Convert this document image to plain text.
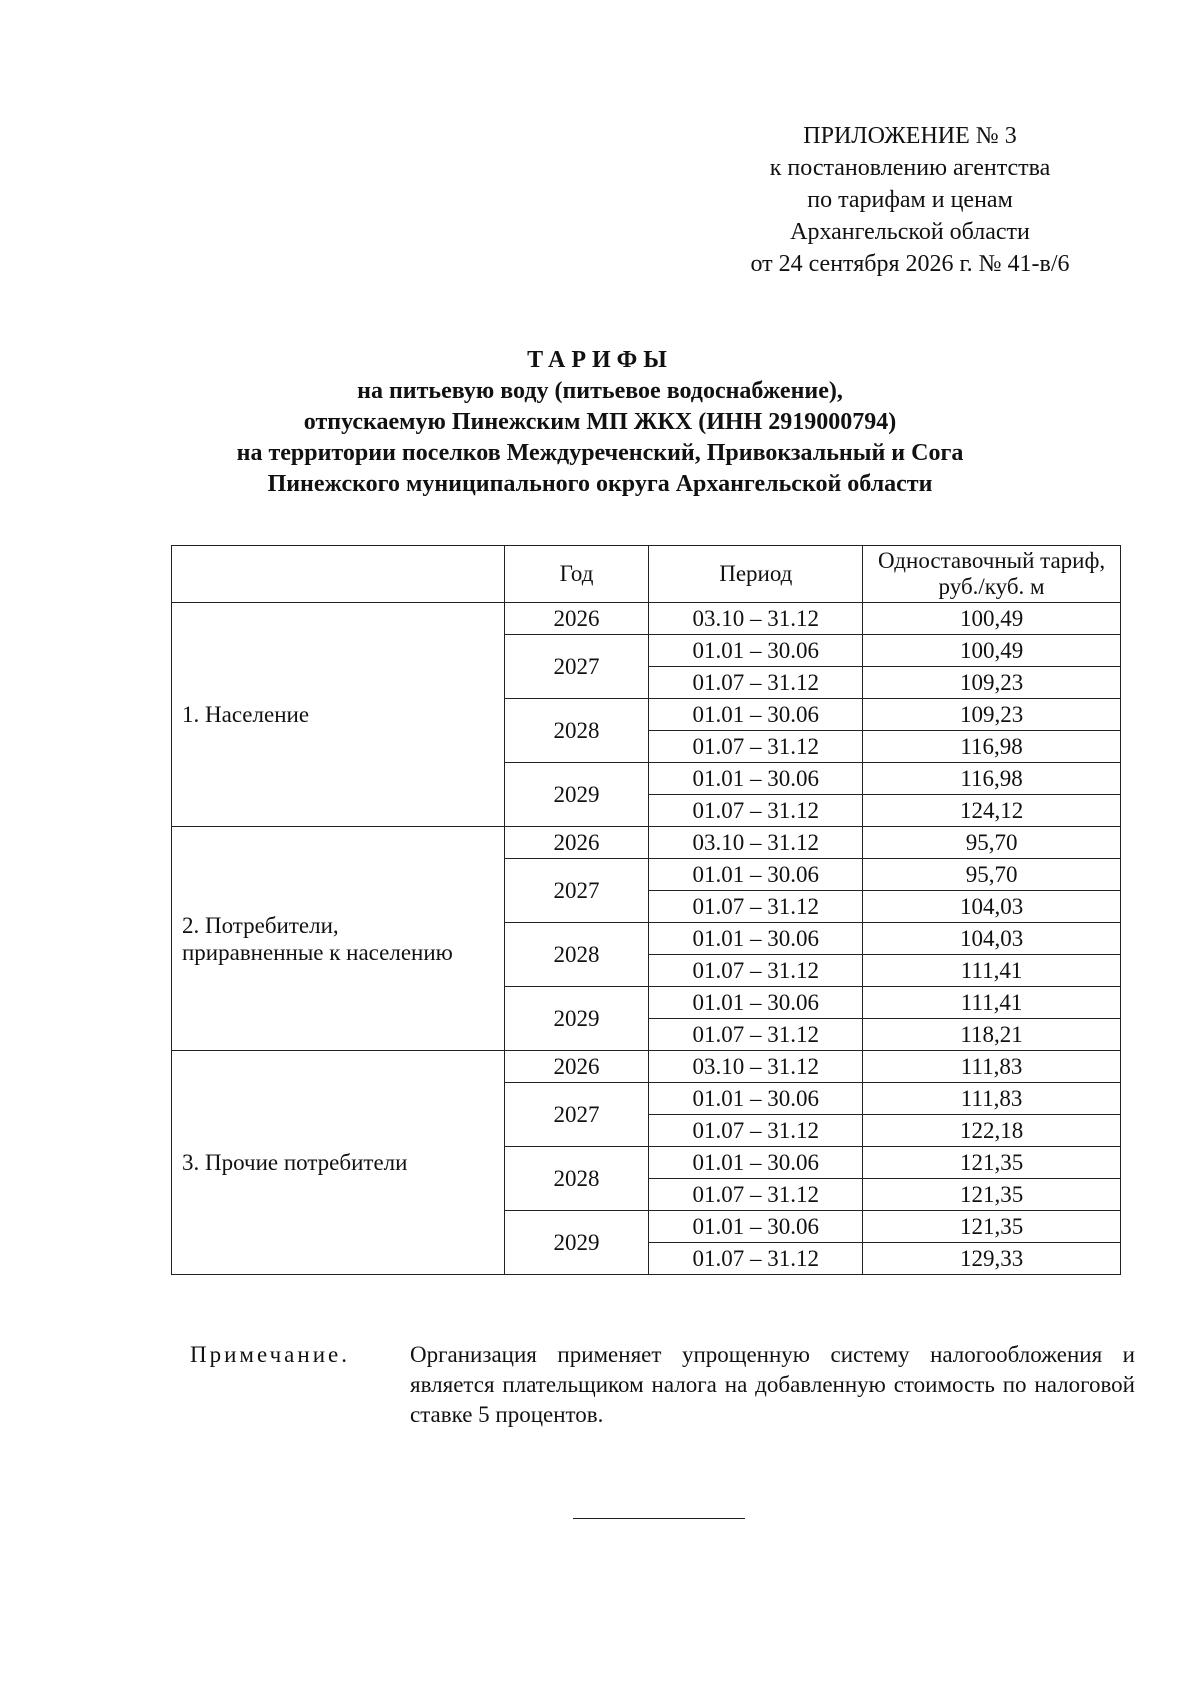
ПРИЛОЖЕНИЕ № 3
к постановлению агентства
по тарифам и ценам
Архангельской области
от 24 сентября 2026 г. № 41-в/6
ТАРИФЫ
на питьевую воду (питьевое водоснабжение),
отпускаемую Пинежским МП ЖКХ (ИНН 2919000794)
на территории поселков Междуреченский, Привокзальный и Сога
Пинежского муниципального округа Архангельской области
	Год	Период	Одноставочный тариф, руб./куб. м
1. Население	2026	03.10 – 31.12	100,49
	2027	01.01 – 30.06	100,49
		01.07 – 31.12	109,23
	2028	01.01 – 30.06	109,23
		01.07 – 31.12	116,98
	2029	01.01 – 30.06	116,98
		01.07 – 31.12	124,12
2. Потребители,
приравненные к населению	2026	03.10 – 31.12	95,70
	2027	01.01 – 30.06	95,70
		01.07 – 31.12	104,03
	2028	01.01 – 30.06	104,03
		01.07 – 31.12	111,41
	2029	01.01 – 30.06	111,41
		01.07 – 31.12	118,21
3. Прочие потребители	2026	03.10 – 31.12	111,83
	2027	01.01 – 30.06	111,83
		01.07 – 31.12	122,18
	2028	01.01 – 30.06	121,35
		01.07 – 31.12	121,35
	2029	01.01 – 30.06	121,35
		01.07 – 31.12	129,33
Примечание.	Организация применяет упрощенную систему налогообложения и является плательщиком налога на добавленную стоимость по налоговой ставке 5 процентов.
